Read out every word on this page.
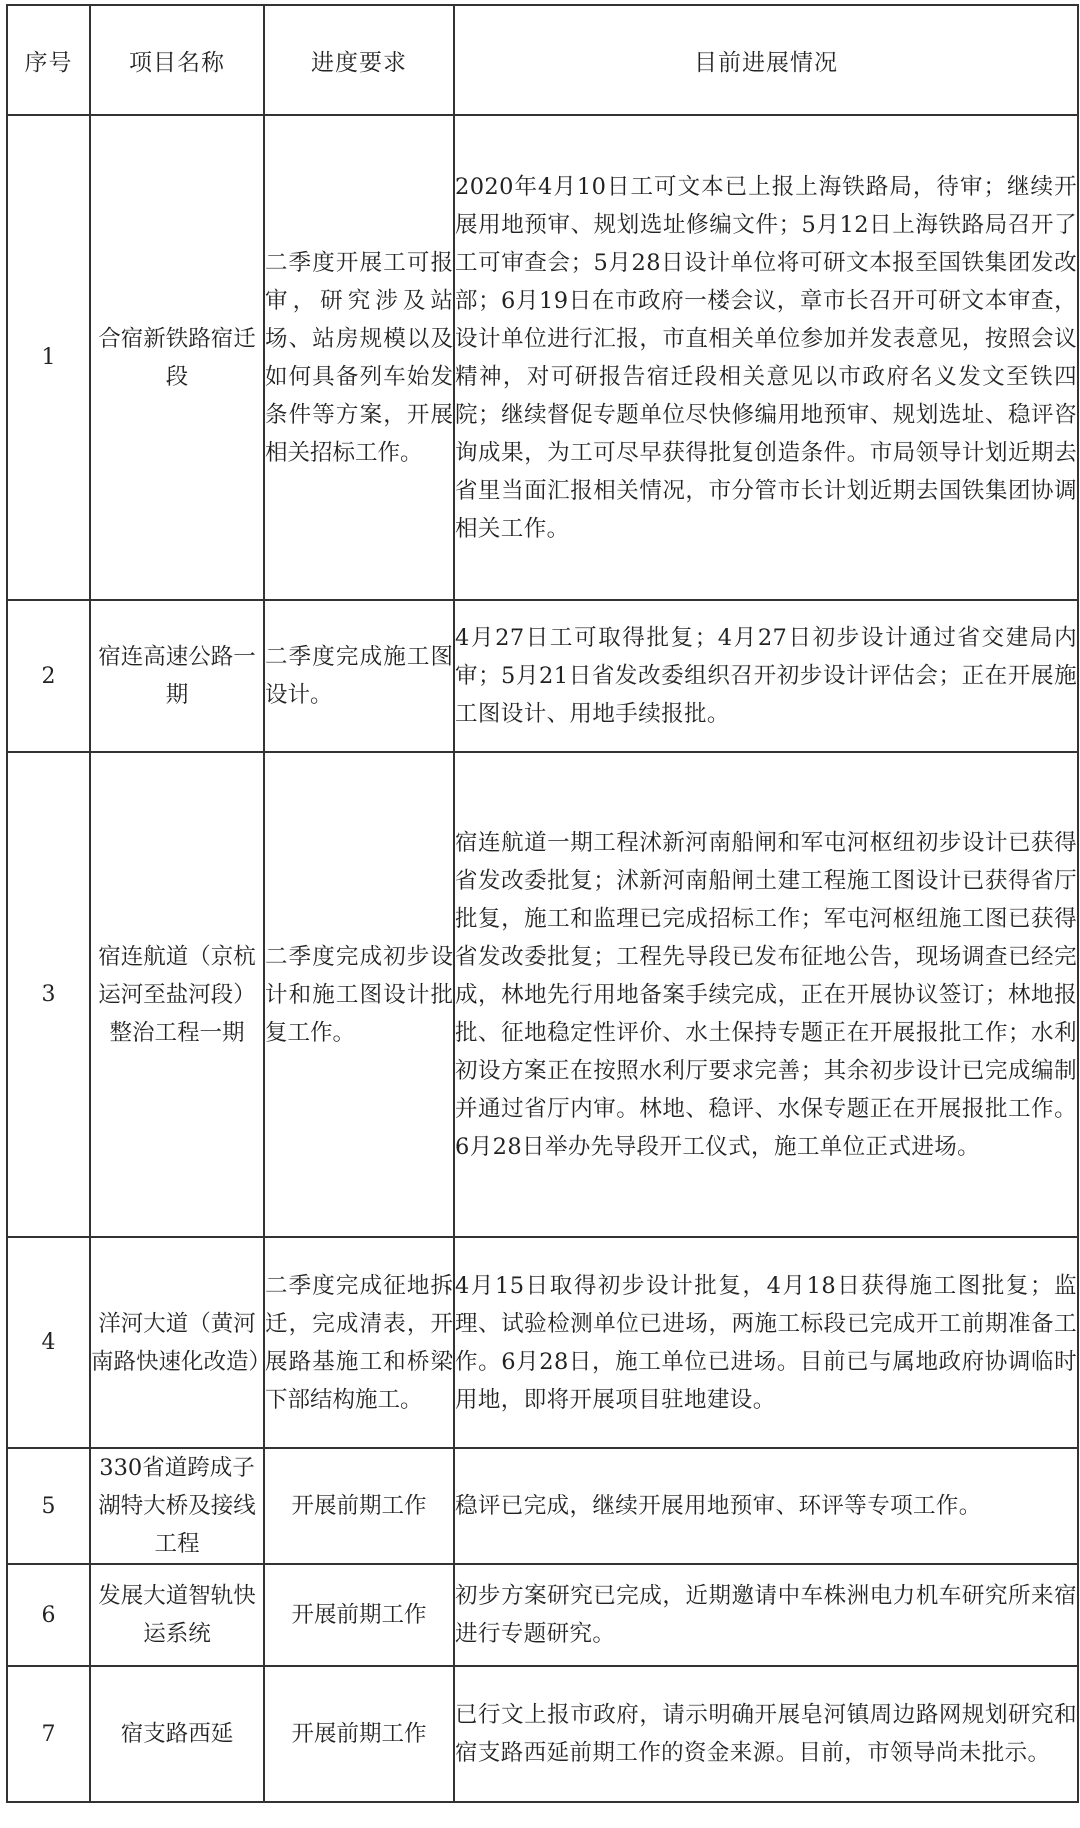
序号	项目名称	进度要求	目前进展情况
1	合宿新铁路宿迁段	二季度开展工可报审，研究涉及站场、站房规模以及如何具备列车始发条件等方案，开展相关招标工作。	2020年4月10日工可文本已上报上海铁路局，待审；继续开展用地预审、规划选址修编文件；5月12日上海铁路局召开了工可审查会；5月28日设计单位将可研文本报至国铁集团发改部；6月19日在市政府一楼会议，章市长召开可研文本审查，设计单位进行汇报，市直相关单位参加并发表意见，按照会议精神，对可研报告宿迁段相关意见以市政府名义发文至铁四院；继续督促专题单位尽快修编用地预审、规划选址、稳评咨询成果，为工可尽早获得批复创造条件。市局领导计划近期去省里当面汇报相关情况，市分管市长计划近期去国铁集团协调相关工作。
2	宿连高速公路一期	二季度完成施工图设计。	4月27日工可取得批复；4月27日初步设计通过省交建局内审；5月21日省发改委组织召开初步设计评估会；正在开展施工图设计、用地手续报批。
3	宿连航道（京杭运河至盐河段）整治工程一期	二季度完成初步设计和施工图设计批复工作。	宿连航道一期工程沭新河南船闸和军屯河枢纽初步设计已获得省发改委批复；沭新河南船闸土建工程施工图设计已获得省厅批复，施工和监理已完成招标工作；军屯河枢纽施工图已获得省发改委批复；工程先导段已发布征地公告，现场调查已经完成，林地先行用地备案手续完成，正在开展协议签订；林地报批、征地稳定性评价、水土保持专题正在开展报批工作；水利初设方案正在按照水利厅要求完善；其余初步设计已完成编制并通过省厅内审。林地、稳评、水保专题正在开展报批工作。6月28日举办先导段开工仪式，施工单位正式进场。
4	洋河大道（黄河南路快速化改造）	二季度完成征地拆迁，完成清表，开展路基施工和桥梁下部结构施工。	4月15日取得初步设计批复，4月18日获得施工图批复；监理、试验检测单位已进场，两施工标段已完成开工前期准备工作。6月28日，施工单位已进场。目前已与属地政府协调临时用地，即将开展项目驻地建设。
5	330省道跨成子湖特大桥及接线工程	开展前期工作	稳评已完成，继续开展用地预审、环评等专项工作。
6	发展大道智轨快运系统	开展前期工作	初步方案研究已完成，近期邀请中车株洲电力机车研究所来宿进行专题研究。
7	宿支路西延	开展前期工作	已行文上报市政府，请示明确开展皂河镇周边路网规划研究和宿支路西延前期工作的资金来源。目前，市领导尚未批示。
